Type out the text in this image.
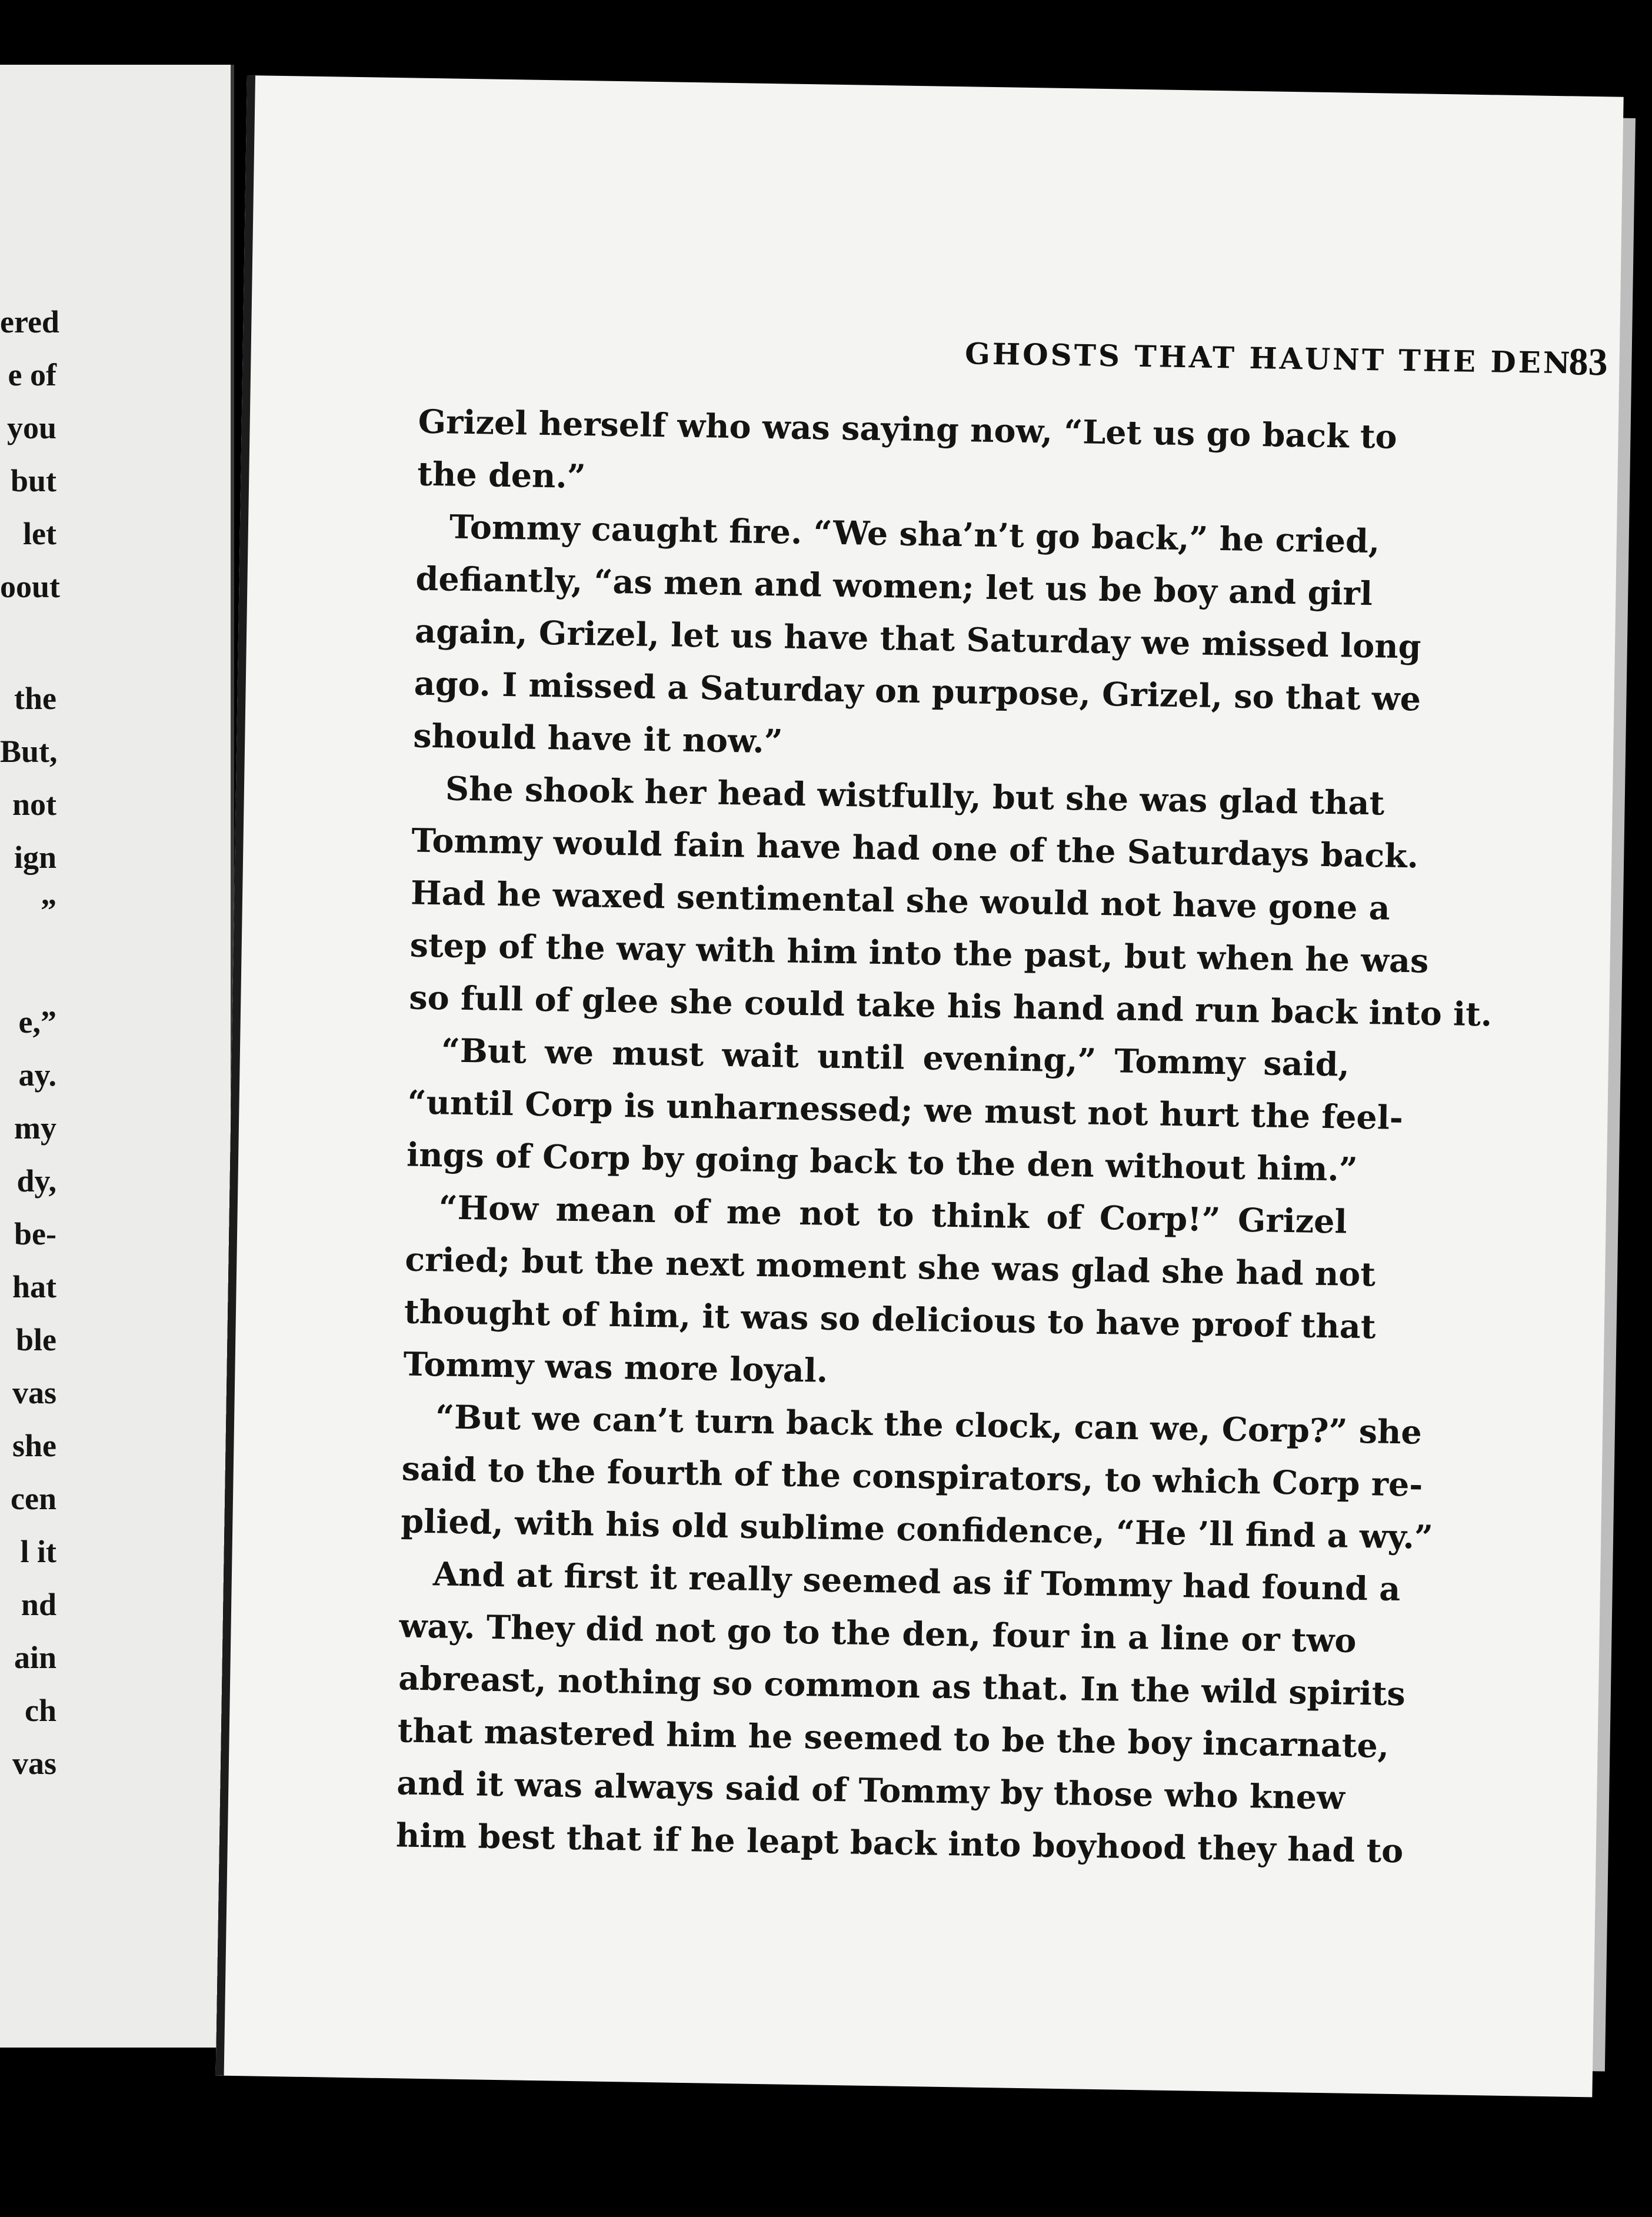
ered
e of
you
but
let
oout
the
But,
not
ign
”
e,”
ay.
my
dy,
be-
hat
ble
vas
she
cen
l it
nd
ain
ch
vas
GHOSTS THAT HAUNT THE DEN
83
Grizel herself who was saying now, “Let us go back to
the den.”
Tommy caught fire. “We sha’n’t go back,” he cried,
defiantly, “as men and women; let us be boy and girl
again, Grizel, let us have that Saturday we missed long
ago. I missed a Saturday on purpose, Grizel, so that we
should have it now.”
She shook her head wistfully, but she was glad that
Tommy would fain have had one of the Saturdays back.
Had he waxed sentimental she would not have gone a
step of the way with him into the past, but when he was
so full of glee she could take his hand and run back into it.
“But we must wait until evening,” Tommy said,
“until Corp is unharnessed; we must not hurt the feel-
ings of Corp by going back to the den without him.”
“How mean of me not to think of Corp!” Grizel
cried; but the next moment she was glad she had not
thought of him, it was so delicious to have proof that
Tommy was more loyal.
“But we can’t turn back the clock, can we, Corp?” she
said to the fourth of the conspirators, to which Corp re-
plied, with his old sublime confidence, “He ’ll find a wy.”
And at first it really seemed as if Tommy had found a
way. They did not go to the den, four in a line or two
abreast, nothing so common as that. In the wild spirits
that mastered him he seemed to be the boy incarnate,
and it was always said of Tommy by those who knew
him best that if he leapt back into boyhood they had to
